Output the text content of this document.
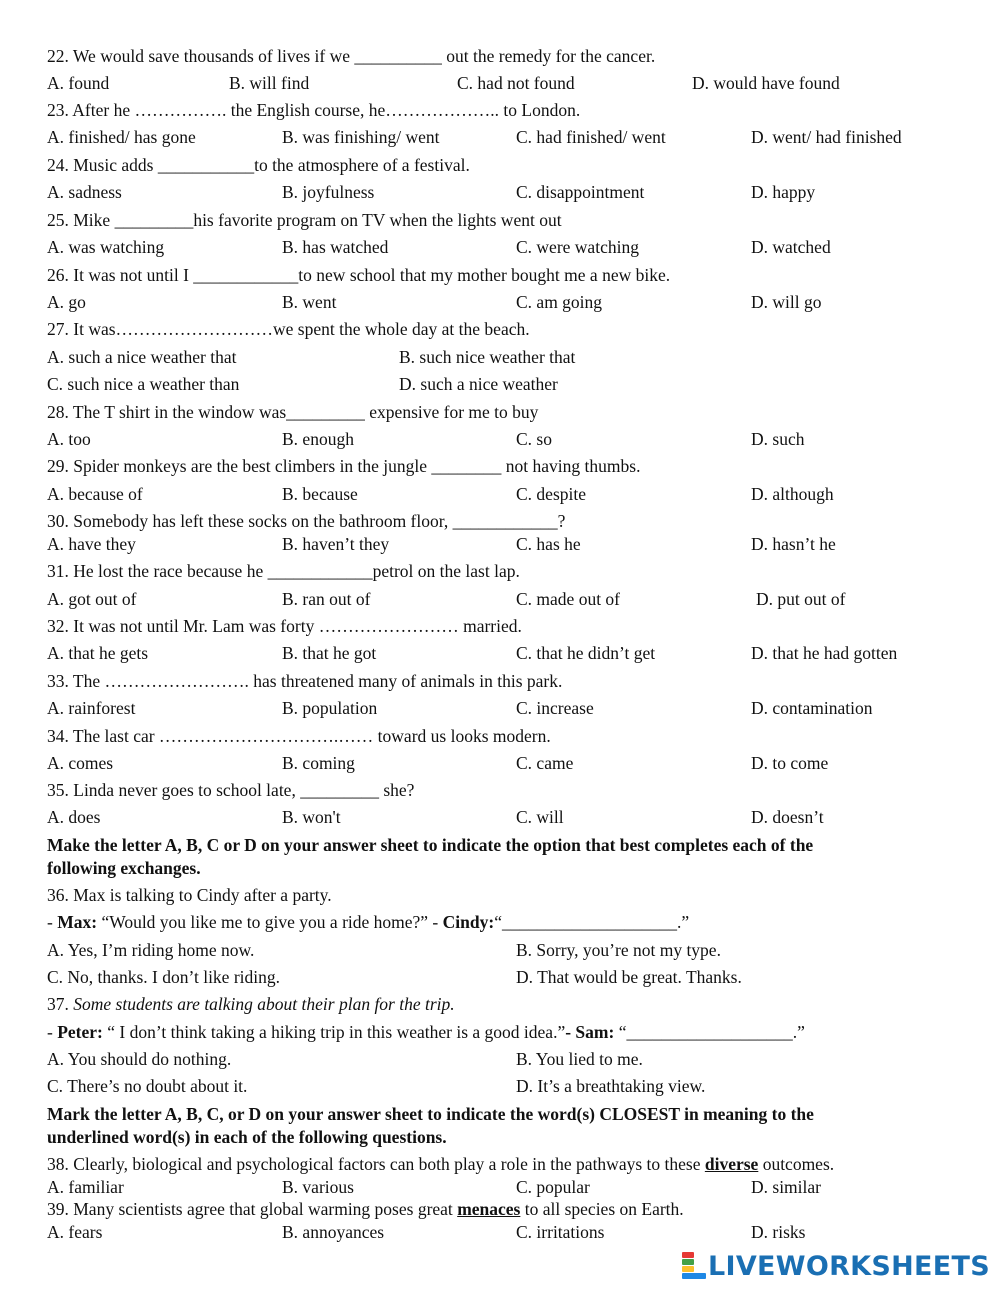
22. We would save thousands of lives if we __________ out the remedy for the cancer.
A. found	B. will find	C. had not found	D. would have found
23. After he ……………. the English course, he……………….. to London.
A. finished/ has gone	B. was finishing/ went	C. had finished/ went	D. went/ had finished
24. Music adds ___________to the atmosphere of a festival.
A. sadness	B. joyfulness	C. disappointment	D. happy
25. Mike _________his favorite program on TV when the lights went out
A. was watching	B. has watched	C. were watching	D. watched
26. It was not until I ____________to new school that my mother bought me a new bike.
A. go	B. went	C. am going	D. will go
27. It was………………………we spent the whole day at the beach.
A. such a nice weather that	B. such nice weather that
C. such nice a weather than	D. such a nice weather
28. The T shirt in the window was_________ expensive for me to buy
A. too	B. enough	C. so	D. such
29. Spider monkeys are the best climbers in the jungle ________ not having thumbs.
A. because of	B. because	C. despite	D. although
30. Somebody has left these socks on the bathroom floor, ____________?
A. have they	B. haven’t they	C. has he	D. hasn’t he
31. He lost the race because he ____________petrol on the last lap.
A. got out of	B. ran out of	C. made out of	D. put out of
32. It was not until Mr. Lam was forty …………………… married.
A. that he gets	B. that he got	C. that he didn’t get	D. that he had gotten
33. The ……………………. has threatened many of animals in this park.
A. rainforest	B. population	C. increase	D. contamination
34. The last car ………………………….…… toward us looks modern.
A. comes	B. coming	C. came	D. to come
35. Linda never goes to school late, _________ she?
A. does	B. won't	C. will	D. doesn’t
Make the letter A, B, C or D on your answer sheet to indicate the option that best completes each of the
following exchanges.
36. Max is talking to Cindy after a party.
- Max: “Would you like me to give you a ride home?” - Cindy:“____________________.”
A. Yes, I’m riding home now.	B. Sorry, you’re not my type.
C. No, thanks. I don’t like riding.	D. That would be great. Thanks.
37. Some students are talking about their plan for the trip.
- Peter: “ I don’t think taking a hiking trip in this weather is a good idea.”- Sam: “___________________.”
A. You should do nothing.	B. You lied to me.
C. There’s no doubt about it.	D. It’s a breathtaking view.
Mark the letter A, B, C, or D on your answer sheet to indicate the word(s) CLOSEST in meaning to the
underlined word(s) in each of the following questions.
38. Clearly, biological and psychological factors can both play a role in the pathways to these diverse outcomes.
A. familiar	B. various	C. popular	D. similar
39. Many scientists agree that global warming poses great menaces to all species on Earth.
A. fears	B. annoyances	C. irritations	D. risks
LIVEWORKSHEETS
